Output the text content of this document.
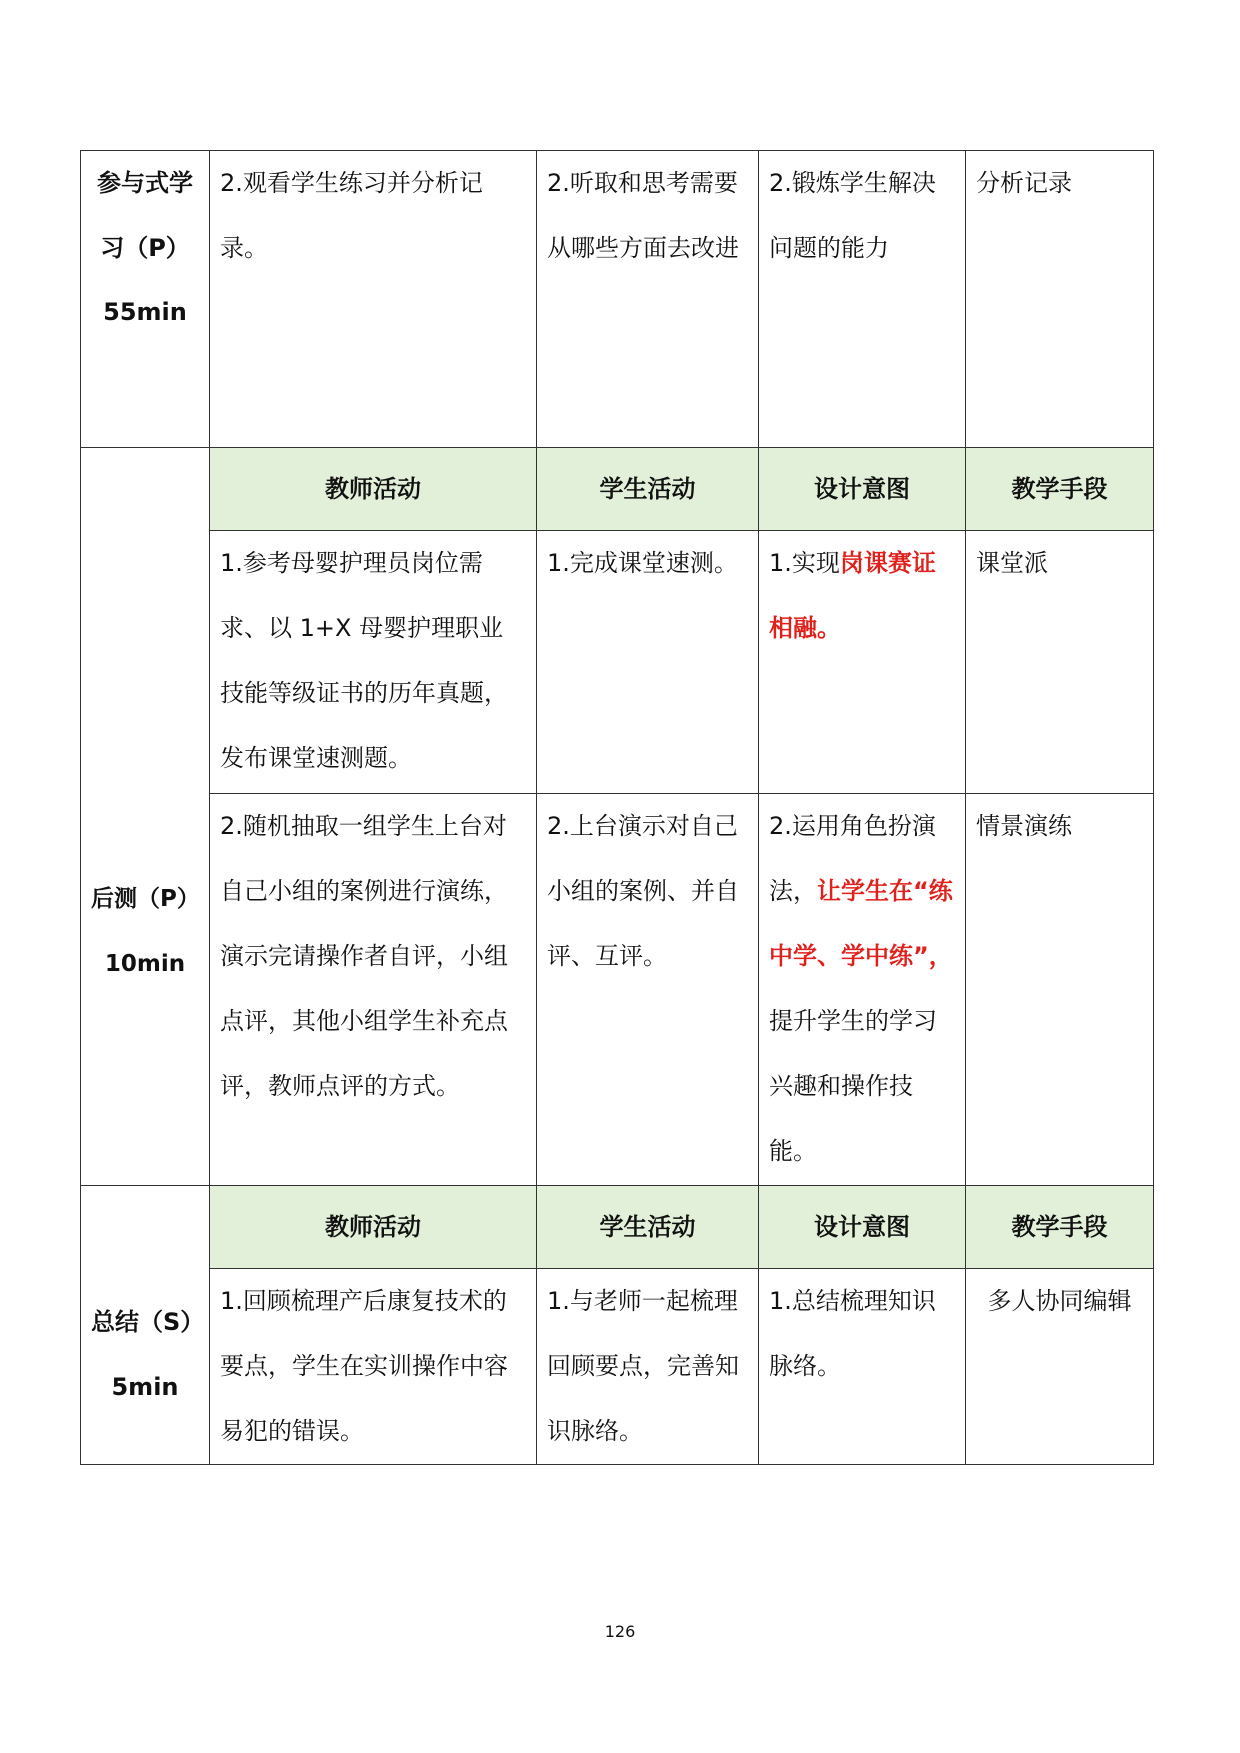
参与式学
习（P）
55min	2.观看学生练习并分析记录。	2.听取和思考需要从哪些方面去改进	2.锻炼学生解决问题的能力	分析记录

后测（P）
10min	教师活动	学生活动	设计意图	教学手段
	1.参考母婴护理员岗位需求、以 1+X 母婴护理职业技能等级证书的历年真题，发布课堂速测题。	1.完成课堂速测。	1.实现岗课赛证相融。	课堂派
	2.随机抽取一组学生上台对自己小组的案例进行演练，演示完请操作者自评，小组点评，其他小组学生补充点评，教师点评的方式。	2.上台演示对自己小组的案例、并自评、互评。	2.运用角色扮演法，让学生在“练中学、学中练”，提升学生的学习兴趣和操作技能。	情景演练

总结（S）
5min	教师活动	学生活动	设计意图	教学手段
	1.回顾梳理产后康复技术的要点，学生在实训操作中容易犯的错误。	1.与老师一起梳理回顾要点，完善知识脉络。	1.总结梳理知识脉络。	多人协同编辑
126
